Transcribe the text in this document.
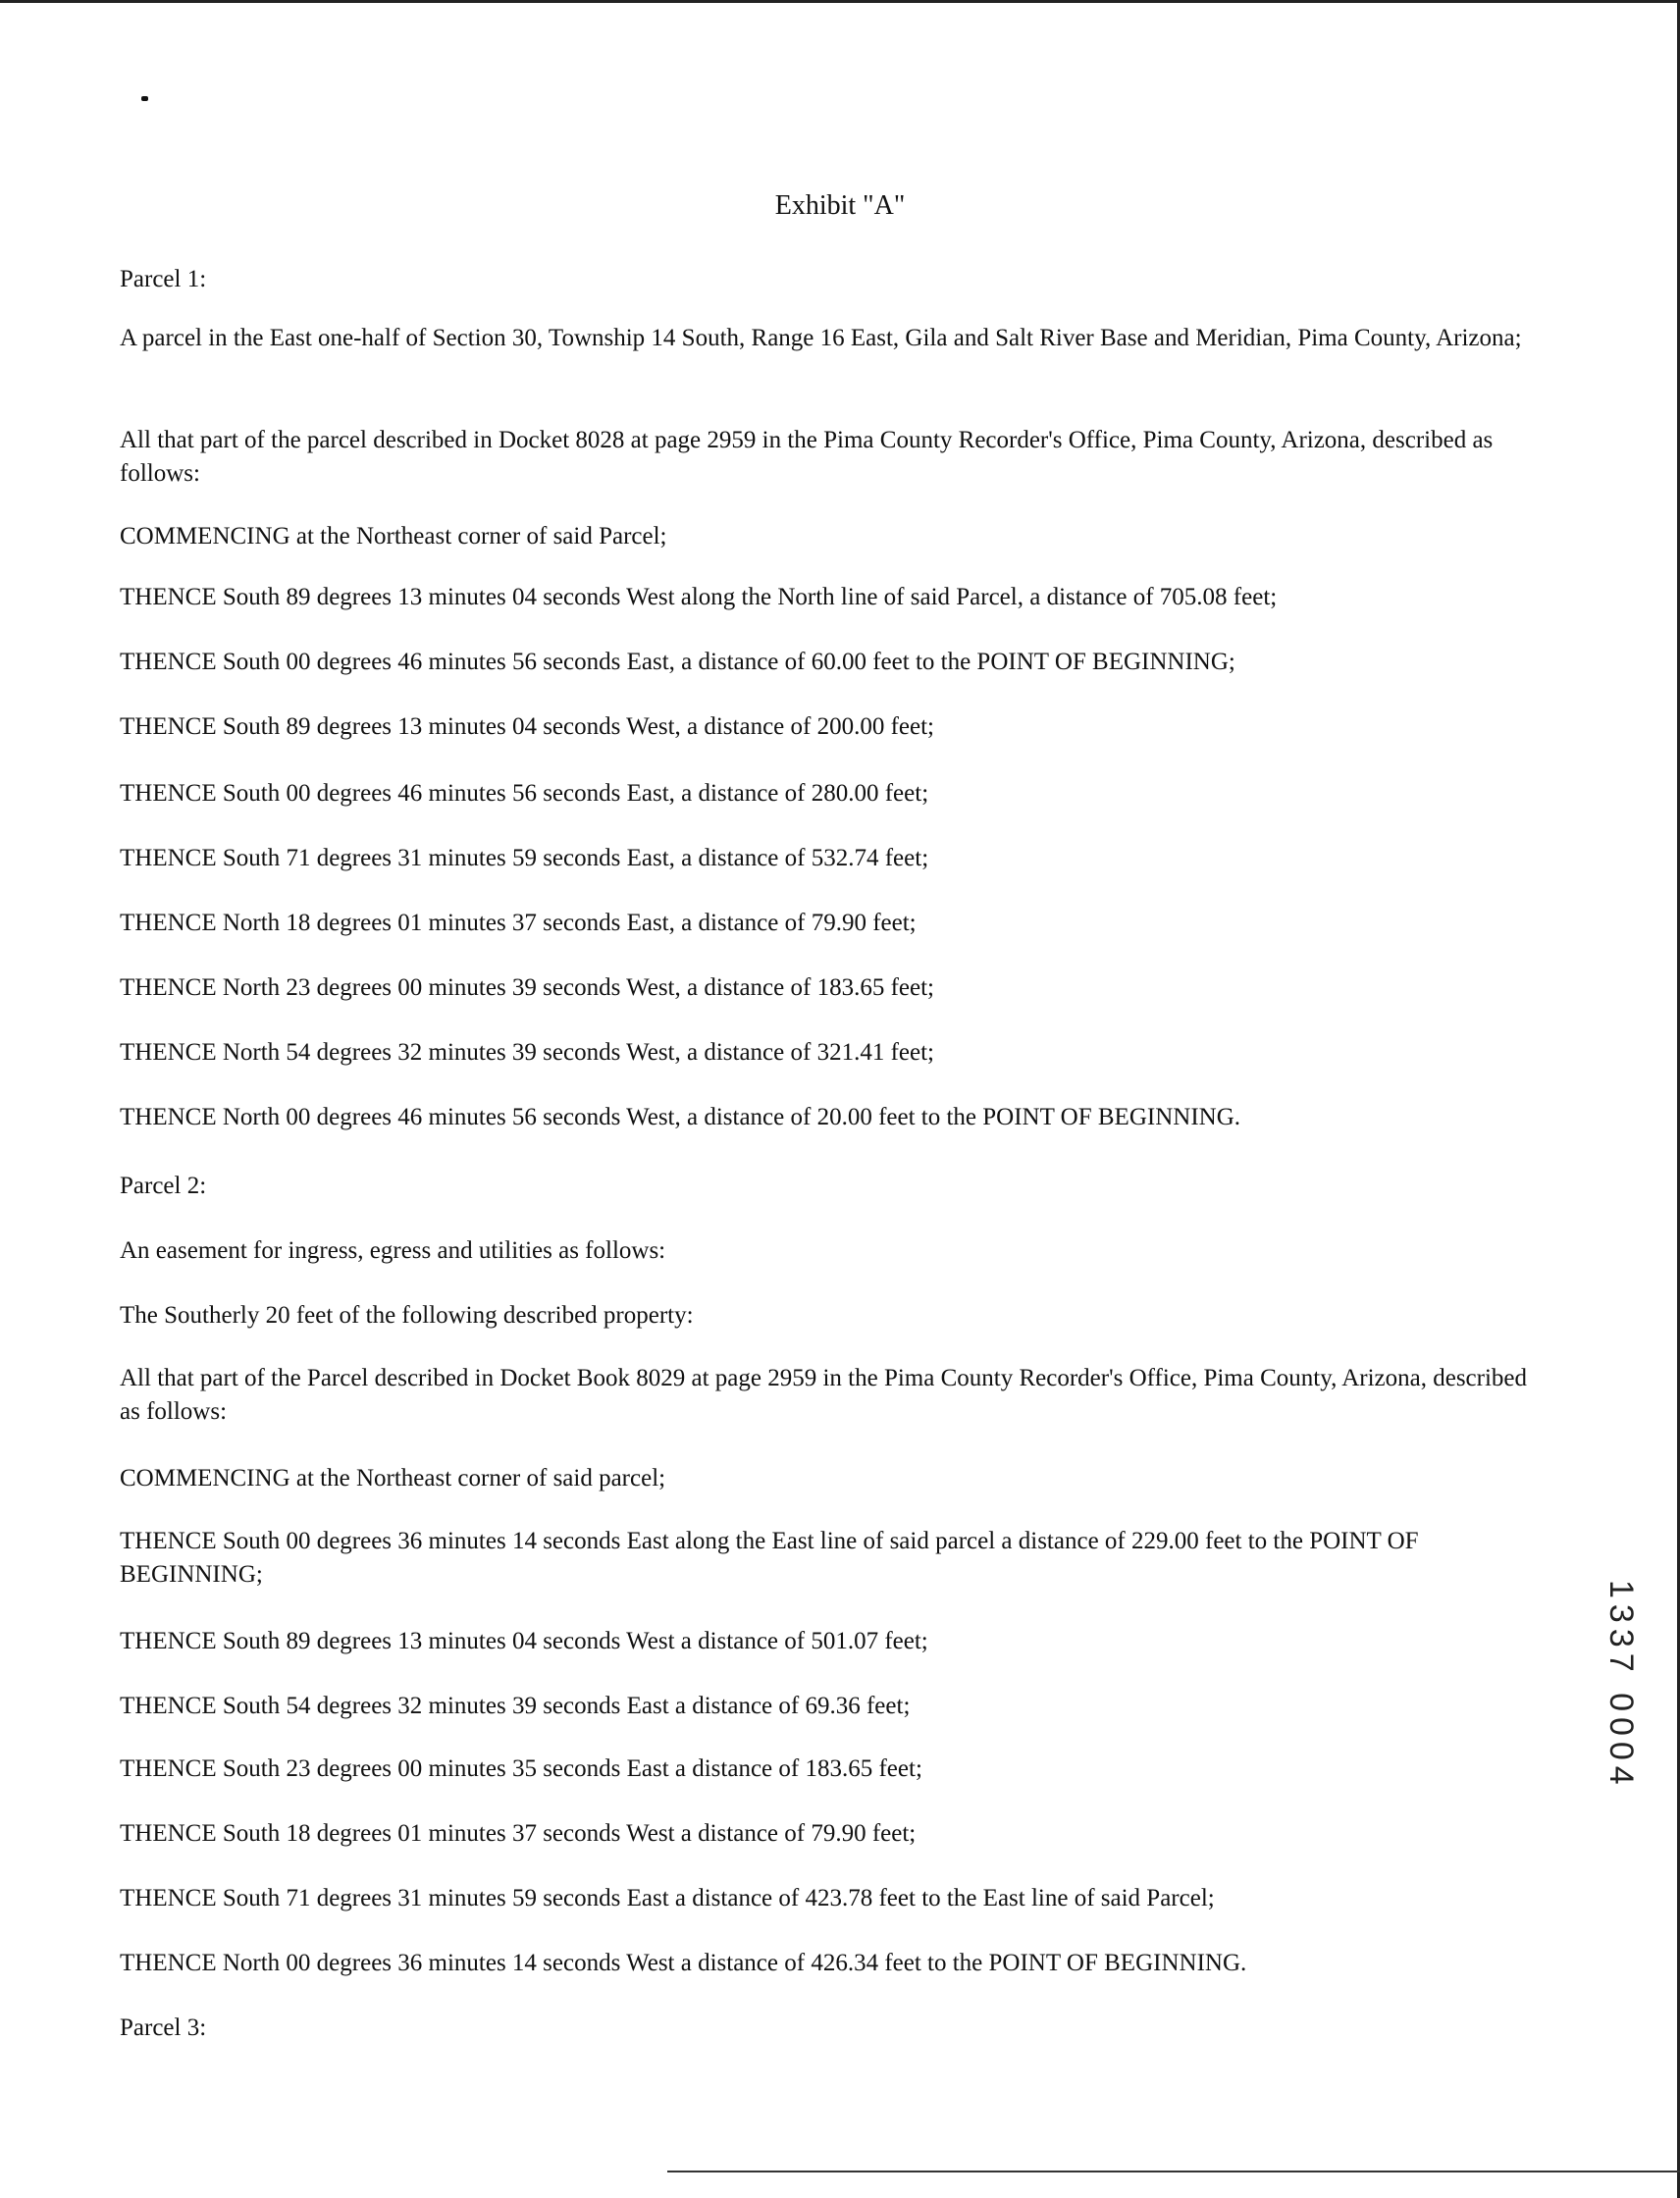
Exhibit "A"
Parcel 1:
A parcel in the East one-half of Section 30, Township 14 South, Range 16 East, Gila and Salt River Base and Meridian, Pima County, Arizona;
All that part of the parcel described in Docket 8028 at page 2959 in the Pima County Recorder's Office, Pima County, Arizona, described as follows:
COMMENCING at the Northeast corner of said Parcel;
THENCE South 89 degrees 13 minutes 04 seconds West along the North line of said Parcel, a distance of 705.08 feet;
THENCE South 00 degrees 46 minutes 56 seconds East, a distance of 60.00 feet to the POINT OF BEGINNING;
THENCE South 89 degrees 13 minutes 04 seconds West, a distance of 200.00 feet;
THENCE South 00 degrees 46 minutes 56 seconds East, a distance of 280.00 feet;
THENCE South 71 degrees 31 minutes 59 seconds East, a distance of 532.74 feet;
THENCE North 18 degrees 01 minutes 37 seconds East, a distance of 79.90 feet;
THENCE North 23 degrees 00 minutes 39 seconds West, a distance of 183.65 feet;
THENCE North 54 degrees 32 minutes 39 seconds West, a distance of 321.41 feet;
THENCE North 00 degrees 46 minutes 56 seconds West, a distance of 20.00 feet to the POINT OF BEGINNING.
Parcel 2:
An easement for ingress, egress and utilities as follows:
The Southerly 20 feet of the following described property:
All that part of the Parcel described in Docket Book 8029 at page 2959 in the Pima County Recorder's Office, Pima County, Arizona, described as follows:
COMMENCING at the Northeast corner of said parcel;
THENCE South 00 degrees 36 minutes 14 seconds East along the East line of said parcel a distance of 229.00 feet to the POINT OF BEGINNING;
THENCE South 89 degrees 13 minutes 04 seconds West a distance of 501.07 feet;
THENCE South 54 degrees 32 minutes 39 seconds East a distance of 69.36 feet;
THENCE South 23 degrees 00 minutes 35 seconds East a distance of 183.65 feet;
THENCE South 18 degrees 01 minutes 37 seconds West a distance of 79.90 feet;
THENCE South 71 degrees 31 minutes 59 seconds East a distance of 423.78 feet to the East line of said Parcel;
THENCE North 00 degrees 36 minutes 14 seconds West a distance of 426.34 feet to the POINT OF BEGINNING.
Parcel 3:
1337 0004
